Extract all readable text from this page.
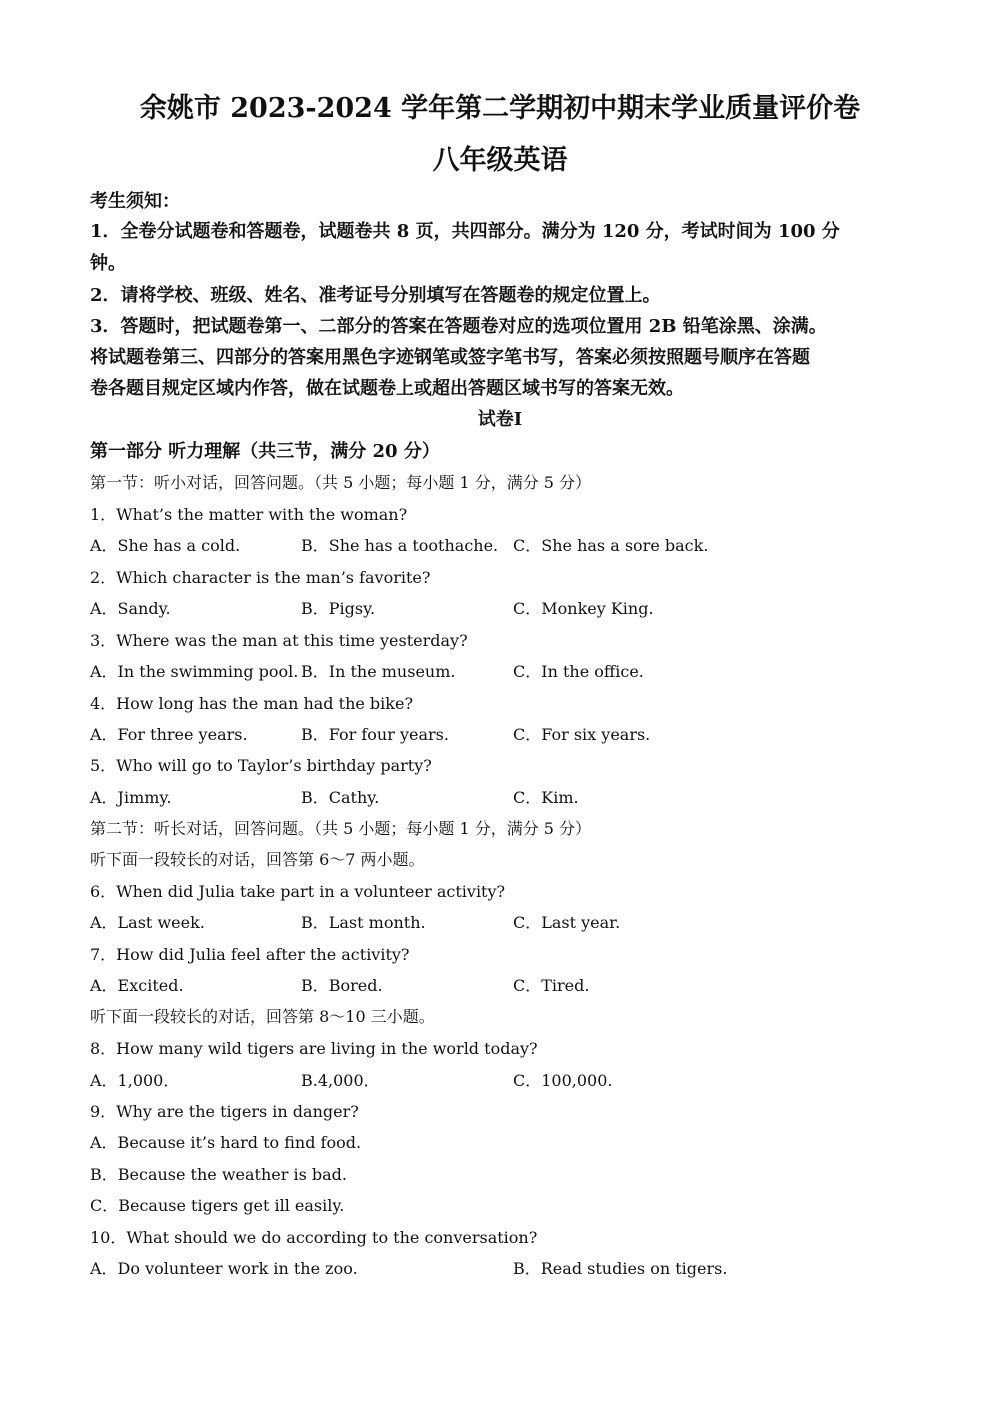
余姚市 2023-2024 学年第二学期初中期末学业质量评价卷
八年级英语
考生须知：
1．全卷分试题卷和答题卷，试题卷共 8 页，共四部分。满分为 120 分，考试时间为 100 分
钟。
2．请将学校、班级、姓名、准考证号分别填写在答题卷的规定位置上。
3．答题时，把试题卷第一、二部分的答案在答题卷对应的选项位置用 2B 铅笔涂黑、涂满。
将试题卷第三、四部分的答案用黑色字迹钢笔或签字笔书写，答案必须按照题号顺序在答题
卷各题目规定区域内作答，做在试题卷上或超出答题区域书写的答案无效。
试卷Ⅰ
第一部分 听力理解（共三节，满分 20 分）
第一节：听小对话，回答问题。（共 5 小题；每小题 1 分，满分 5 分）
1．What’s the matter with the woman?
A．She has a cold.	B．She has a toothache. C．She has a sore back.
2．Which character is the man’s favorite?
A．Sandy.	B．Pigsy.	C．Monkey King.
3．Where was the man at this time yesterday?
A．In the swimming pool. B．In the museum.	C．In the office.
4．How long has the man had the bike?
A．For three years.	B．For four years.	C．For six years.
5．Who will go to Taylor’s birthday party?
A．Jimmy.	B．Cathy.	C．Kim.
第二节：听长对话，回答问题。（共 5 小题；每小题 1 分，满分 5 分）
听下面一段较长的对话，回答第 6～7 两小题。
6．When did Julia take part in a volunteer activity?
A．Last week.	B．Last month.	C．Last year.
7．How did Julia feel after the activity?
A．Excited.	B．Bored.	C．Tired.
听下面一段较长的对话，回答第 8～10 三小题。
8．How many wild tigers are living in the world today?
A．1,000．	B.4,000．	C．100,000.
9．Why are the tigers in danger?
A．Because it’s hard to find food.
B．Because the weather is bad.
C．Because tigers get ill easily.
10．What should we do according to the conversation?
A．Do volunteer work in the zoo.	B．Read studies on tigers.
